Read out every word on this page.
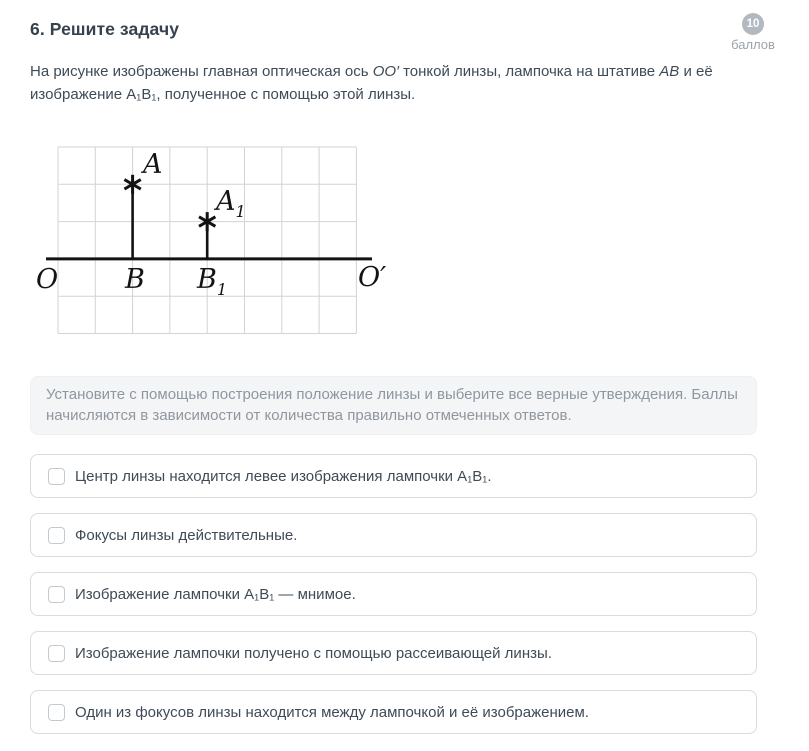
6. Решите задачу	10
баллов

На рисунке изображены главная оптическая ось OO′ тонкой линзы, лампочка на штативе AB и её изображение A₁B₁, полученное с помощью этой линзы.

A
$A_1$
B $B_1$
O	O′
Установите с помощью построения положение линзы и выберите все верные утверждения. Баллы начисляются в зависимости от количества правильно отмеченных ответов.
Центр линзы находится левее изображения лампочки A₁B₁.
Фокусы линзы действительные.
Изображение лампочки A₁B₁ — мнимое.
Изображение лампочки получено с помощью рассеивающей линзы.
Один из фокусов линзы находится между лампочкой и её изображением.
